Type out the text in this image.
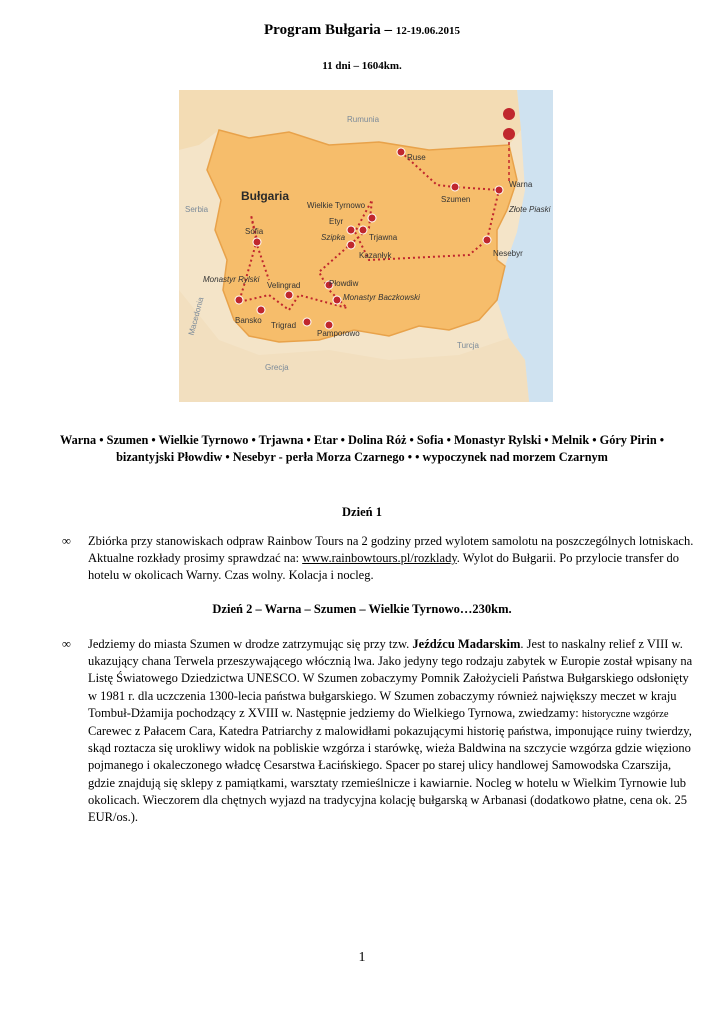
Program Bułgaria – 12-19.06.2015
11 dni – 1604km.
Rumunia
Serbia
Macedonia
Grecja
Turcja
Bułgaria
Ruse
Warna
Złote Piaski
Szumen
Wielkie Tyrnowo
Etyr
Szipka	Trjawna
Kazanłyk	Nesebyr
Sofia
Monastyr Rylski	Płowdiw
Monastyr Baczkowski
Velingrad
Bansko
Trigrad
Pamporowo
Warna • Szumen • Wielkie Tyrnowo • Trjawna • Etar • Dolina Róż • Sofia • Monastyr Rylski • Melnik • Góry Pirin • bizantyjski Płowdiw • Nesebyr - perła Morza Czarnego • • wypoczynek nad morzem Czarnym
Dzień 1
∞	Zbiórka przy stanowiskach odpraw Rainbow Tours na 2 godziny przed wylotem samolotu na poszczególnych lotniskach. Aktualne rozkłady prosimy sprawdzać na: www.rainbowtours.pl/rozklady. Wylot do Bułgarii. Po przylocie transfer do hotelu w okolicach Warny. Czas wolny. Kolacja i nocleg.
Dzień 2 – Warna – Szumen – Wielkie Tyrnowo…230km.
∞	Jedziemy do miasta Szumen w drodze zatrzymując się przy tzw. Jeźdźcu Madarskim. Jest to naskalny relief z VIII w. ukazujący chana Terwela przeszywającego włócznią lwa. Jako jedyny tego rodzaju zabytek w Europie został wpisany na Listę Światowego Dziedzictwa UNESCO. W Szumen zobaczymy Pomnik Założycieli Państwa Bułgarskiego odsłonięty w 1981 r. dla uczczenia 1300-lecia państwa bułgarskiego. W Szumen zobaczymy również największy meczet w kraju Tombuł-Dżamija pochodzący z XVIII w. Następnie jedziemy do Wielkiego Tyrnowa, zwiedzamy: historyczne wzgórze Carewec z Pałacem Cara, Katedra Patriarchy z malowidłami pokazującymi historię państwa, imponujące ruiny twierdzy, skąd roztacza się urokliwy widok na pobliskie wzgórza i starówkę, wieża Baldwina na szczycie wzgórza gdzie więziono pojmanego i okaleczonego władcę Cesarstwa Łacińskiego. Spacer po starej ulicy handlowej Samowodska Czarszija, gdzie znajdują się sklepy z pamiątkami, warsztaty rzemieślnicze i kawiarnie. Nocleg w hotelu w Wielkim Tyrnowie lub okolicach. Wieczorem dla chętnych wyjazd na tradycyjna kolację bułgarską w Arbanasi (dodatkowo płatne, cena ok. 25 EUR/os.).
1
